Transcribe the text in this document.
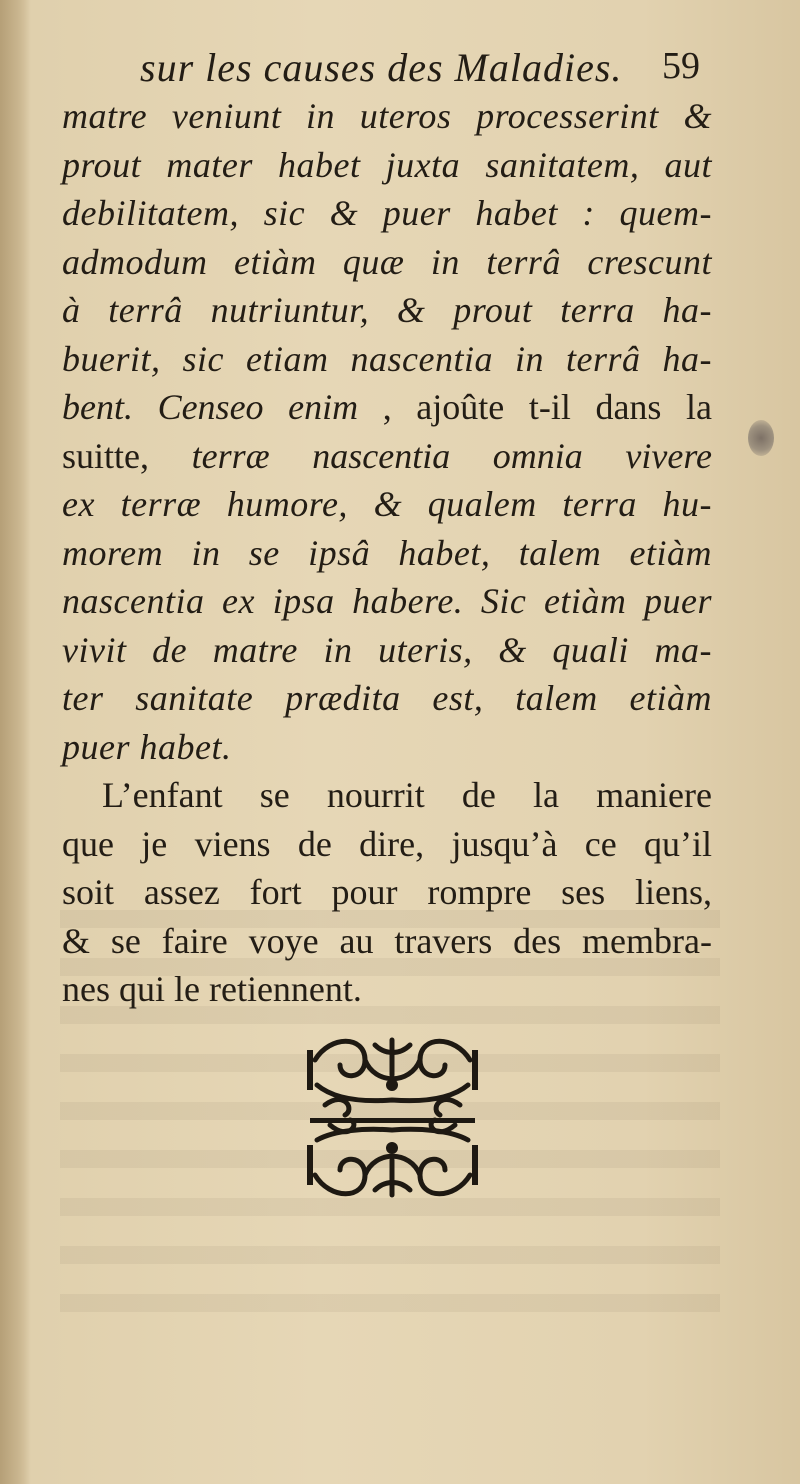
sur les causes des Maladies. 59
matre veniunt in uteros processerint &
prout mater habet juxta sanitatem, aut
debilitatem, sic & puer habet : quem-
admodum etiàm quæ in terrâ crescunt
à terrâ nutriuntur, & prout terra ha-
buerit, sic etiam nascentia in terrâ ha-
bent. Censeo enim , ajoûte t-il dans la
suitte, terræ nascentia omnia vivere
ex terræ humore, & qualem terra hu-
morem in se ipsâ habet, talem etiàm
nascentia ex ipsa habere. Sic etiàm puer
vivit de matre in uteris, & quali ma-
ter sanitate prædita est, talem etiàm
puer habet.
L’enfant se nourrit de la maniere
que je viens de dire, jusqu’à ce qu’il
soit assez fort pour rompre ses liens,
& se faire voye au travers des membra-
nes qui le retiennent.
